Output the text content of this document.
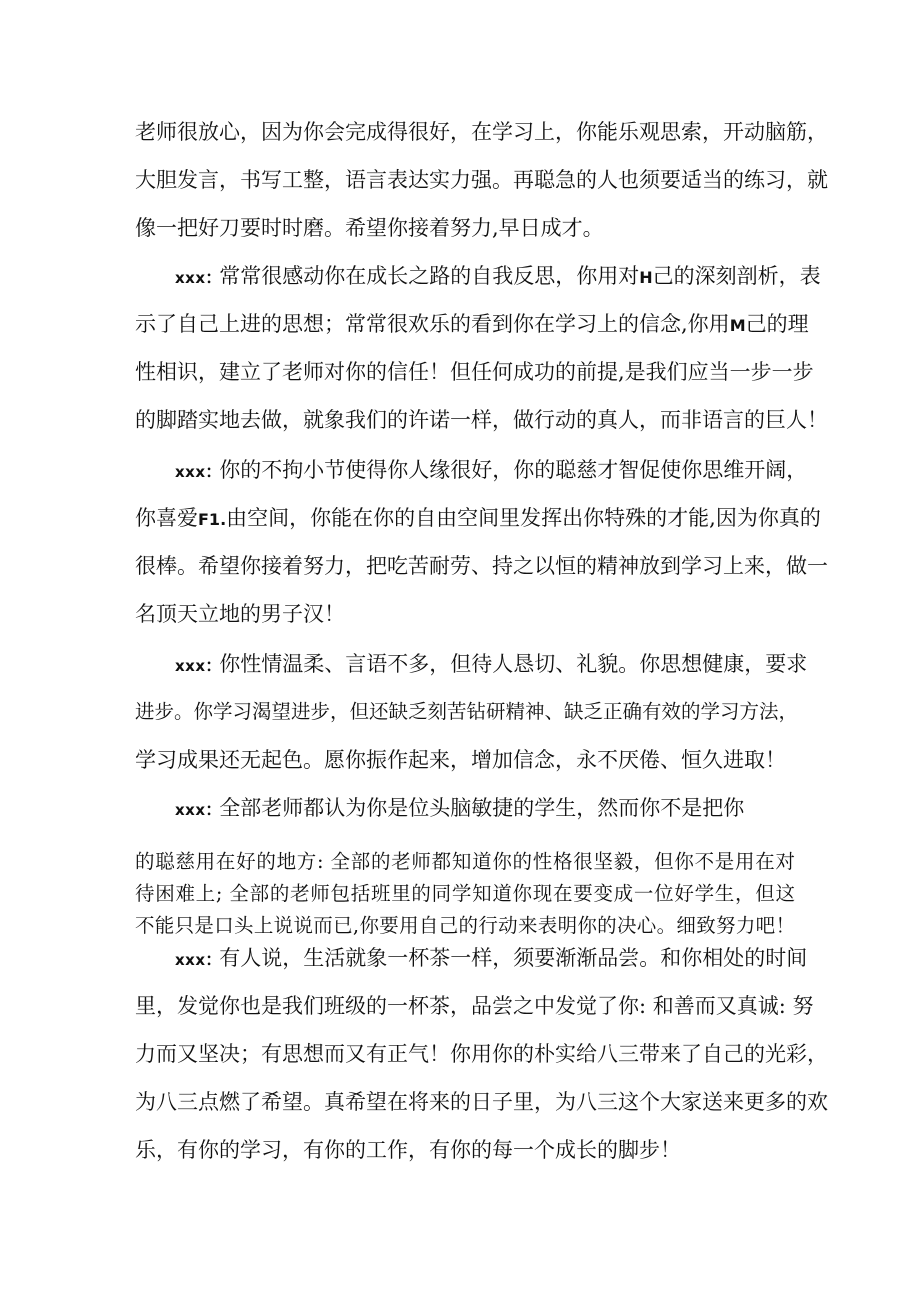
老师很放心，因为你会完成得很好，在学习上，你能乐观思索，开动脑筋，
大胆发言，书写工整，语言表达实力强。再聪急的人也须要适当的练习，就
像一把好刀要时时磨。希望你接着努力,早日成才。
xxx: 常常很感动你在成长之路的自我反思，你用对H己的深刻剖析，表
示了自己上进的思想；常常很欢乐的看到你在学习上的信念,你用M己的理
性相识，建立了老师对你的信任！但任何成功的前提,是我们应当一步一步
的脚踏实地去做，就象我们的许诺一样，做行动的真人，而非语言的巨人！
xxx: 你的不拘小节使得你人缘很好，你的聪慈才智促使你思维开阔，
你喜爱F1.由空间，你能在你的自由空间里发挥出你特殊的才能,因为你真的
很棒。希望你接着努力，把吃苦耐劳、持之以恒的精神放到学习上来，做一
名顶天立地的男子汉！
xxx: 你性情温柔、言语不多，但待人恳切、礼貌。你思想健康，要求
进步。你学习渴望进步，但还缺乏刻苦钻研精神、缺乏正确有效的学习方法，
学习成果还无起色。愿你振作起来，增加信念，永不厌倦、恒久进取！
xxx: 全部老师都认为你是位头脑敏捷的学生，然而你不是把你
的聪慈用在好的地方: 全部的老师都知道你的性格很坚毅，但你不是用在对
待困难上; 全部的老师包括班里的同学知道你现在要变成一位好学生，但这
不能只是口头上说说而已,你要用自己的行动来表明你的决心。细致努力吧！
xxx: 有人说，生活就象一杯茶一样，须要渐渐品尝。和你相处的时间
里，发觉你也是我们班级的一杯茶，品尝之中发觉了你: 和善而又真诚: 努
力而又坚决；有思想而又有正气！你用你的朴实给八三带来了自己的光彩，
为八三点燃了希望。真希望在将来的日子里，为八三这个大家送来更多的欢
乐，有你的学习，有你的工作，有你的每一个成长的脚步！
